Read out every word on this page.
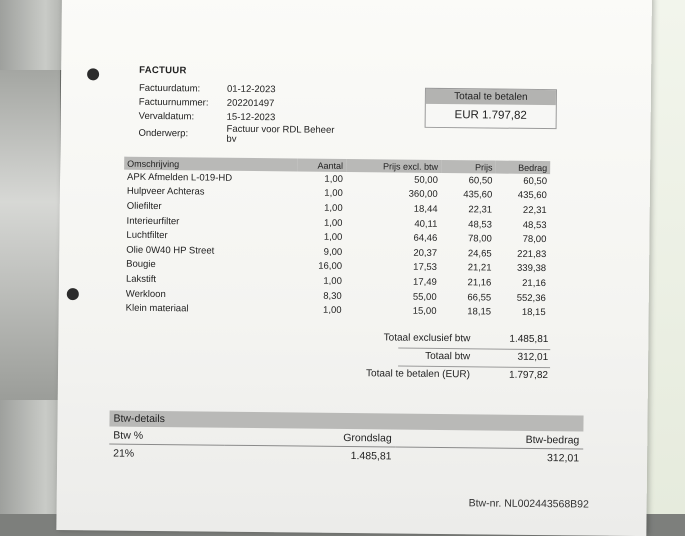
FACTUUR
Factuurdatum:	01-12-2023
Factuurnummer: 202201497
Vervaldatum:	15-12-2023
Onderwerp:	Factuur voor RDL Beheer bv
Totaal te betalen
EUR 1.797,82
Omschrijving	Aantal	Prijs excl. btw	Prijs	Bedrag
APK Afmelden L-019-HD	1,00	50,00	60,50	60,50
Hulpveer Achteras	1,00	360,00	435,60	435,60
Oliefilter	1,00	18,44	22,31	22,31
Interieurfilter	1,00	40,11	48,53	48,53
Luchtfilter	1,00	64,46	78,00	78,00
Olie 0W40 HP Street	9,00	20,37	24,65	221,83
Bougie	16,00	17,53	21,21	339,38
Lakstift	1,00	17,49	21,16	21,16
Werkloon	8,30	55,00	66,55	552,36
Klein materiaal	1,00	15,00	18,15	18,15
Totaal exclusief btw	1.485,81
Totaal btw	312,01
Totaal te betalen (EUR)	1.797,82
Btw-details		
Btw %	Grondslag	Btw-bedrag
21%	1.485,81	312,01
Btw-nr. NL002443568B92
